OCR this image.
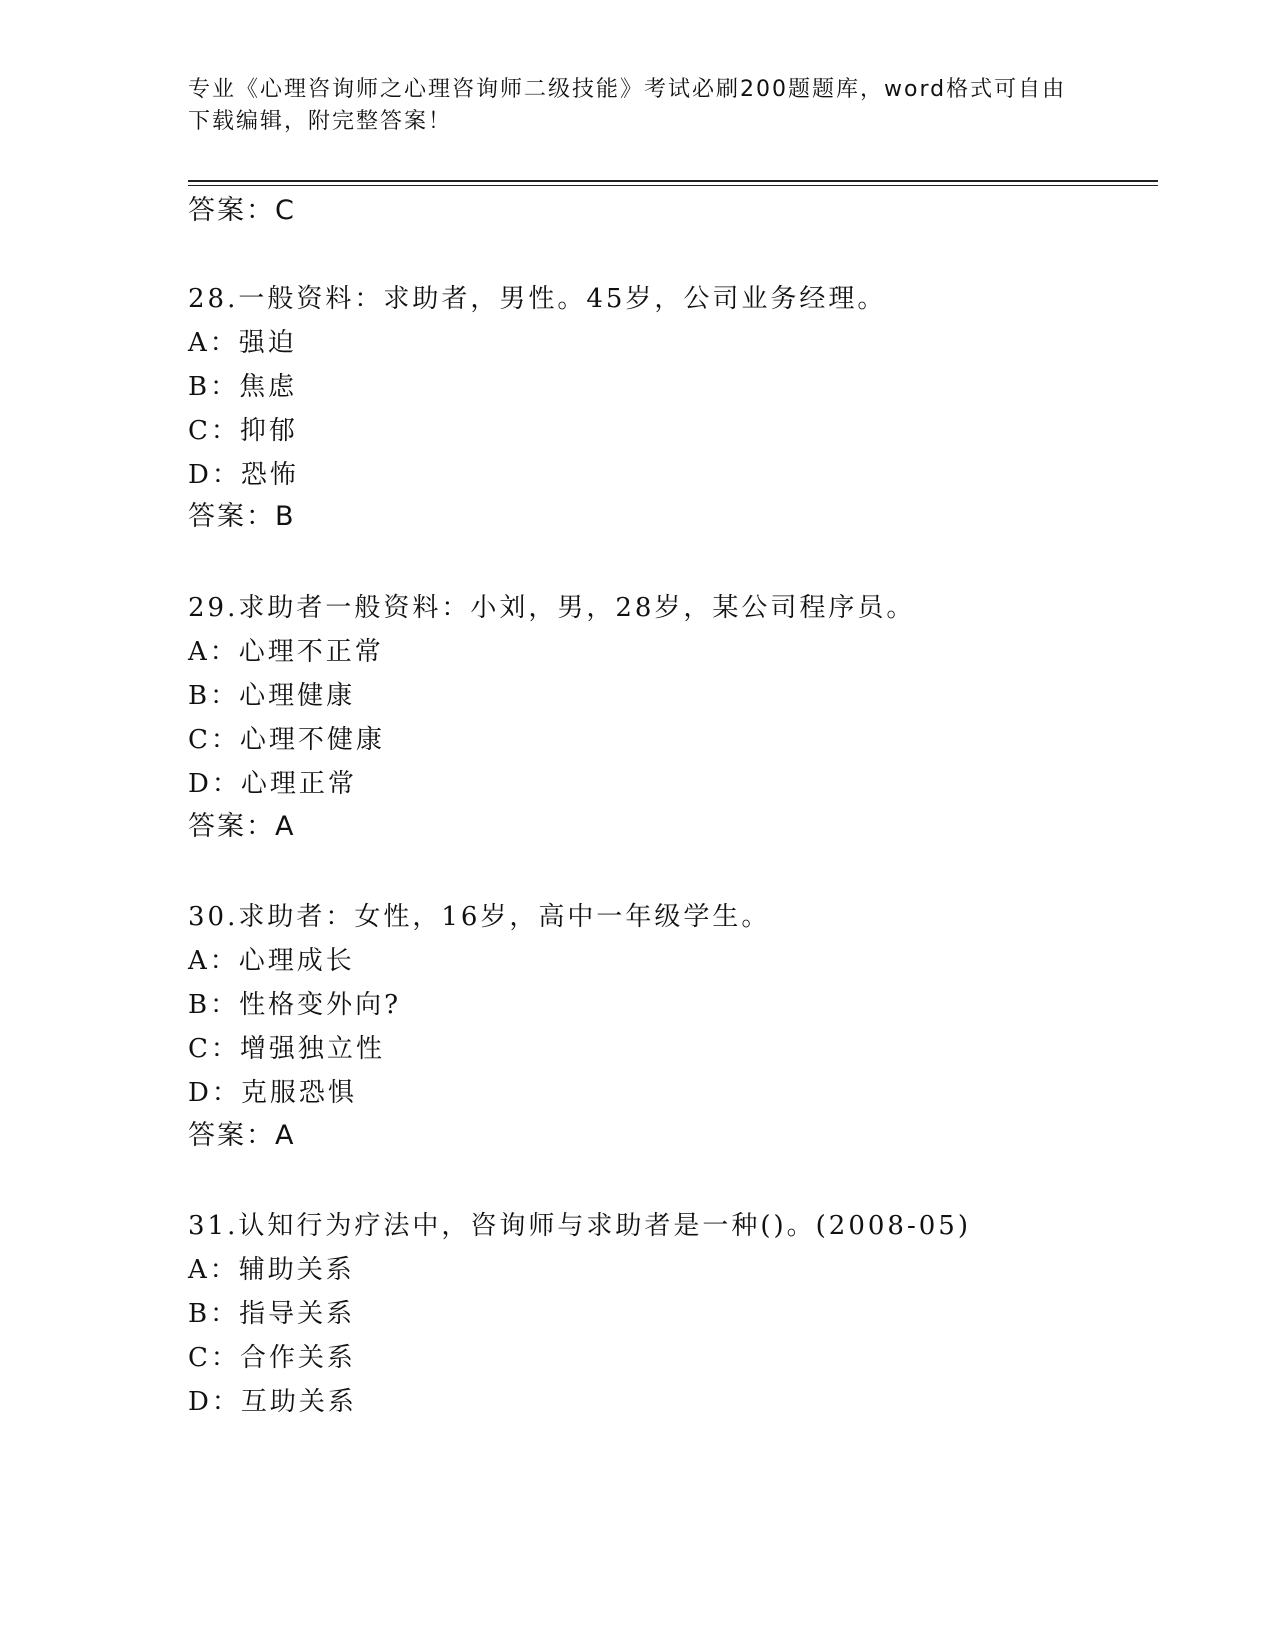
专业《心理咨询师之心理咨询师二级技能》考试必刷200题题库，word格式可自由下载编辑，附完整答案！
答案：C
28.一般资料：求助者，男性。45岁，公司业务经理。
A：强迫
B：焦虑
C：抑郁
D：恐怖
答案：B
29.求助者一般资料：小刘，男，28岁，某公司程序员。
A：心理不正常
B：心理健康
C：心理不健康
D：心理正常
答案：A
30.求助者：女性，16岁，高中一年级学生。
A：心理成长
B：性格变外向?
C：增强独立性
D：克服恐惧
答案：A
31.认知行为疗法中，咨询师与求助者是一种()。(2008-05)
A：辅助关系
B：指导关系
C：合作关系
D：互助关系
